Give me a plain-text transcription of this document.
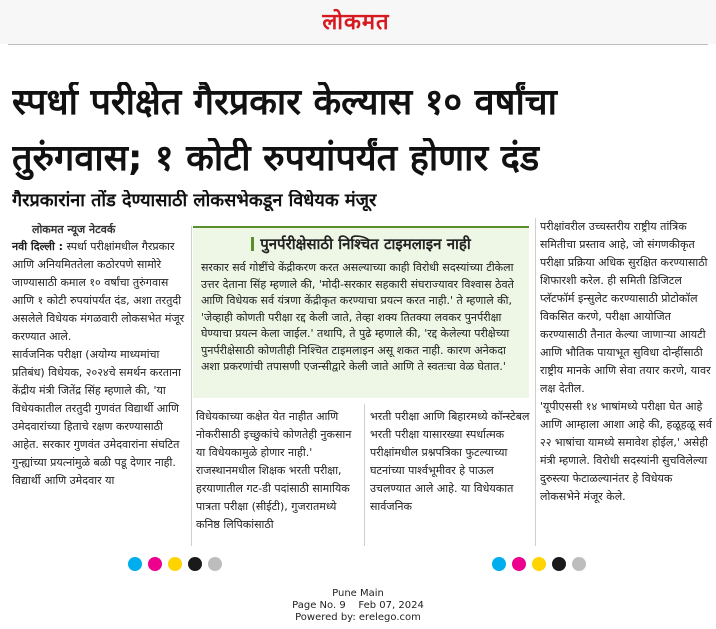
लोकमत
स्पर्धा परीक्षेत गैरप्रकार केल्यास १० वर्षांचा
तुरुंगवास; १ कोटी रुपयांपर्यंत होणार दंड
गैरप्रकारांना तोंड देण्यासाठी लोकसभेकडून विधेयक मंजूर
लोकमत न्यूज नेटवर्क

नवी दिल्ली : स्पर्धा परीक्षांमधील गैरप्रकार आणि अनियमिततेला कठोरपणे सामोरे जाण्यासाठी कमाल १० वर्षांचा तुरुंगवास आणि १ कोटी रुपयांपर्यंत दंड, अशा तरतुदी असलेले विधेयक मंगळवारी लोकसभेत मंजूर करण्यात आले.

सार्वजनिक परीक्षा (अयोग्य माध्यमांचा प्रतिबंध) विधेयक, २०२४चे समर्थन करताना केंद्रीय मंत्री जितेंद्र सिंह म्हणाले की, 'या विधेयकातील तरतुदी गुणवंत विद्यार्थी आणि उमेदवारांच्या हिताचे रक्षण करण्यासाठी आहेत. सरकार गुणवंत उमेदवारांना संघटित गुन्ह्यांच्या प्रयत्नांमुळे बळी पडू देणार नाही. विद्यार्थी आणि उमेदवार या

पुनर्परीक्षेसाठी निश्चित टाइमलाइन नाही
सरकार सर्व गोष्टींचे केंद्रीकरण करत असल्याच्या काही विरोधी सदस्यांच्या टीकेला उत्तर देताना सिंह म्हणाले की, 'मोदी-सरकार सहकारी संघराज्यावर विश्वास ठेवते आणि विधेयक सर्व यंत्रणा केंद्रीकृत करण्याचा प्रयत्न करत नाही.' ते म्हणाले की, 'जेव्हाही कोणती परीक्षा रद्द केली जाते, तेव्हा शक्य तितक्या लवकर पुनर्परीक्षा घेण्याचा प्रयत्न केला जाईल.' तथापि, ते पुढे म्हणाले की, 'रद्द केलेल्या परीक्षेच्या पुनर्परीक्षेसाठी कोणतीही निश्चित टाइमलाइन असू शकत नाही. कारण अनेकदा अशा प्रकरणांची तपासणी एजन्सीद्वारे केली जाते आणि ते स्वतःचा वेळ घेतात.'
विधेयकाच्या कक्षेत येत नाहीत आणि नोकरीसाठी इच्छुकांचे कोणतेही नुकसान या विधेयकामुळे होणार नाही.' राजस्थानमधील शिक्षक भरती परीक्षा, हरयाणातील गट-डी पदांसाठी सामायिक पात्रता परीक्षा (सीईटी), गुजरातमध्ये कनिष्ठ लिपिकांसाठी
भरती परीक्षा आणि बिहारमध्ये कॉन्स्टेबल भरती परीक्षा यासारख्या स्पर्धात्मक परीक्षांमधील प्रश्नपत्रिका फुटल्याच्या घटनांच्या पार्श्वभूमीवर हे पाऊल उचलण्यात आले आहे. या विधेयकात सार्वजनिक

परीक्षांवरील उच्चस्तरीय राष्ट्रीय तांत्रिक समितीचा प्रस्ताव आहे, जो संगणकीकृत परीक्षा प्रक्रिया अधिक सुरक्षित करण्यासाठी शिफारशी करेल. ही समिती डिजिटल प्लॅटफॉर्म इन्सुलेट करण्यासाठी प्रोटोकॉल विकसित करणे, परीक्षा आयोजित करण्यासाठी तैनात केल्या जाणाऱ्या आयटी आणि भौतिक पायाभूत सुविधा दोन्हींसाठी राष्ट्रीय मानके आणि सेवा तयार करणे, यावर लक्ष देतील.

'यूपीएससी १४ भाषांमध्ये परीक्षा घेत आहे आणि आम्हाला आशा आहे की, हळूहळू सर्व २२ भाषांचा यामध्ये समावेश होईल,' असेही मंत्री म्हणाले. विरोधी सदस्यांनी सुचविलेल्या दुरुस्त्या फेटाळल्यानंतर हे विधेयक लोकसभेने मंजूर केले.

Pune Main
Page No. 9    Feb 07, 2024
Powered by: erelego.com
